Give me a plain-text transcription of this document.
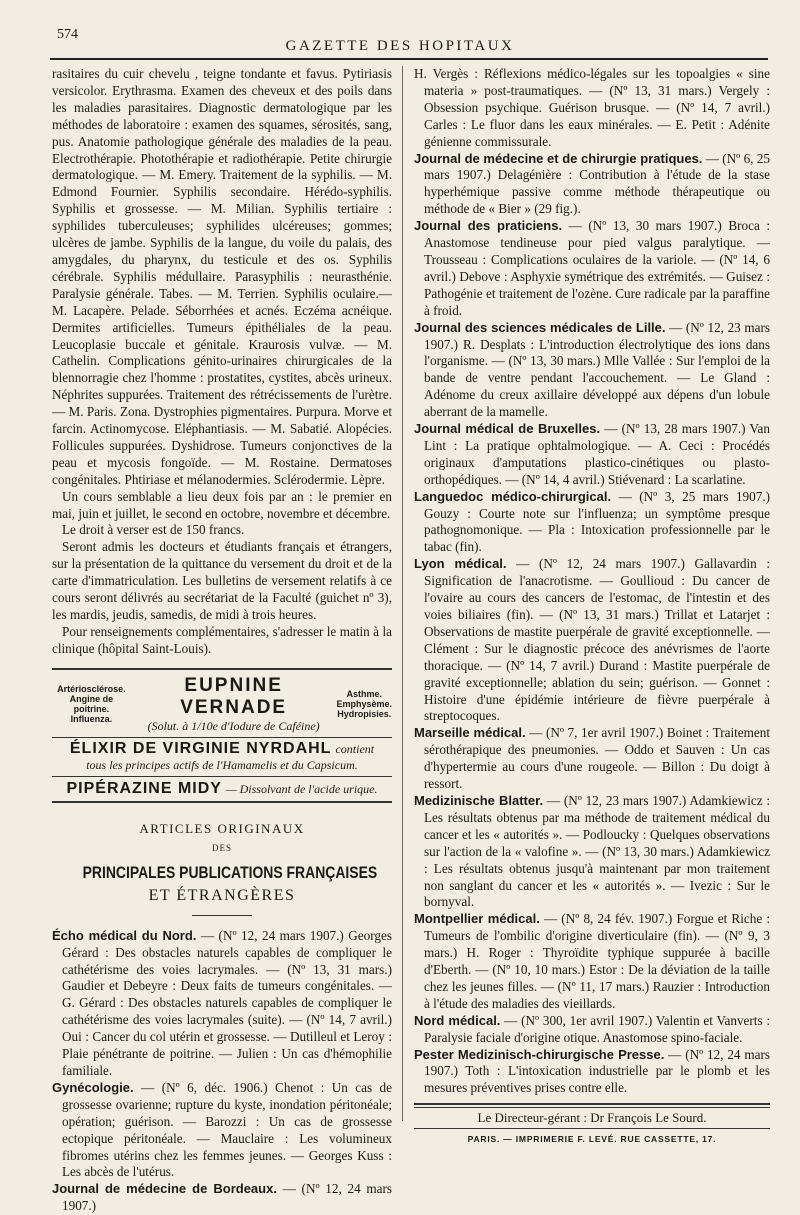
574
GAZETTE DES HOPITAUX

rasitaires du cuir chevelu , teigne tondante et favus. Pytiriasis versicolor. Erythrasma. Examen des cheveux et des poils dans les maladies parasitaires. Diagnostic dermatologique par les méthodes de laboratoire : examen des squames, sérosités, sang, pus. Anatomie pathologique générale des maladies de la peau. Electrothérapie. Photothérapie et radiothérapie. Petite chirurgie dermatologique. — M. Emery. Traitement de la syphilis. — M. Edmond Fournier. Syphilis secondaire. Hérédo-syphilis. Syphilis et grossesse. — M. Milian. Syphilis tertiaire : syphilides tuberculeuses; syphilides ulcéreuses; gommes; ulcères de jambe. Syphilis de la langue, du voile du palais, des amygdales, du pharynx, du testicule et des os. Syphilis cérébrale. Syphilis médullaire. Parasyphilis : neurasthénie. Paralysie générale. Tabes. — M. Terrien. Syphilis oculaire.— M. Lacapère. Pelade. Séborrhées et acnés. Eczéma acnéique. Dermites artificielles. Tumeurs épithéliales de la peau. Leucoplasie buccale et génitale. Kraurosis vulvæ. — M. Cathelin. Complications génito-urinaires chirurgicales de la blennorragie chez l'homme : prostatites, cystites, abcès urineux. Néphrites suppurées. Traitement des rétrécissements de l'urètre. — M. Paris. Zona. Dystrophies pigmentaires. Purpura. Morve et farcin. Actinomycose. Eléphantiasis. — M. Sabatié. Alopécies. Follicules suppurées. Dyshidrose. Tumeurs conjonctives de la peau et mycosis fongoïde. — M. Rostaine. Dermatoses congénitales. Phtiriase et mélanodermies. Sclérodermie. Lèpre.

Un cours semblable a lieu deux fois par an : le premier en mai, juin et juillet, le second en octobre, novembre et décembre.

Le droit à verser est de 150 francs.

Seront admis les docteurs et étudiants français et étrangers, sur la présentation de la quittance du versement du droit et de la carte d'immatriculation. Les bulletins de versement relatifs à ce cours seront délivrés au secrétariat de la Faculté (guichet nº 3), les mardis, jeudis, samedis, de midi à trois heures.

Pour renseignements complémentaires, s'adresser le matin à la clinique (hôpital Saint-Louis).

Artériosclérose.
Angine de poitrine.
Influenza.
EUPNINE VERNADE
(Solut. à 1/10e d'Iodure de Caféine)
Asthme.
Emphysème.
Hydropisies.
ÉLIXIR DE VIRGINIE NYRDAHL contient
tous les principes actifs de l'Hamamelis et du Capsicum.
PIPÉRAZINE MIDY — Dissolvant de l'acide urique.
ARTICLES ORIGINAUX
DES
PRINCIPALES PUBLICATIONS FRANÇAISES
ET ÉTRANGÈRES

Écho médical du Nord. — (Nº 12, 24 mars 1907.) Georges Gérard : Des obstacles naturels capables de compliquer le cathétérisme des voies lacrymales. — (Nº 13, 31 mars.) Gaudier et Debeyre : Deux faits de tumeurs congénitales. — G. Gérard : Des obstacles naturels capables de compliquer le cathétérisme des voies lacrymales (suite). — (Nº 14, 7 avril.) Oui : Cancer du col utérin et grossesse. — Dutilleul et Leroy : Plaie pénétrante de poitrine. — Julien : Un cas d'hémophilie familiale.

Gynécologie. — (Nº 6, déc. 1906.) Chenot : Un cas de grossesse ovarienne; rupture du kyste, inondation péritonéale; opération; guérison. — Barozzi : Un cas de grossesse ectopique péritonéale. — Mauclaire : Les volumineux fibromes utérins chez les femmes jeunes. — Georges Kuss : Les abcès de l'utérus.

Journal de médecine de Bordeaux. — (Nº 12, 24 mars 1907.)

H. Vergès : Réflexions médico-légales sur les topoalgies « sine materia » post-traumatiques. — (Nº 13, 31 mars.) Vergely : Obsession psychique. Guérison brusque. — (Nº 14, 7 avril.) Carles : Le fluor dans les eaux minérales. — E. Petit : Adénite génienne commissurale.

Journal de médecine et de chirurgie pratiques. — (Nº 6, 25 mars 1907.) Delagénière : Contribution à l'étude de la stase hyperhémique passive comme méthode thérapeutique ou méthode de « Bier » (29 fig.).

Journal des praticiens. — (Nº 13, 30 mars 1907.) Broca : Anastomose tendineuse pour pied valgus paralytique. — Trousseau : Complications oculaires de la variole. — (Nº 14, 6 avril.) Debove : Asphyxie symétrique des extrémités. — Guisez : Pathogénie et traitement de l'ozène. Cure radicale par la paraffine à froid.

Journal des sciences médicales de Lille. — (Nº 12, 23 mars 1907.) R. Desplats : L'introduction électrolytique des ions dans l'organisme. — (Nº 13, 30 mars.) Mlle Vallée : Sur l'emploi de la bande de ventre pendant l'accouchement. — Le Gland : Adénome du creux axillaire développé aux dépens d'un lobule aberrant de la mamelle.

Journal médical de Bruxelles. — (Nº 13, 28 mars 1907.) Van Lint : La pratique ophtalmologique. — A. Ceci : Procédés originaux d'amputations plastico-cinétiques ou plasto-orthopédiques. — (Nº 14, 4 avril.) Stiévenard : La scarlatine.

Languedoc médico-chirurgical. — (Nº 3, 25 mars 1907.) Gouzy : Courte note sur l'influenza; un symptôme presque pathognomonique. — Pla : Intoxication professionnelle par le tabac (fin).

Lyon médical. — (Nº 12, 24 mars 1907.) Gallavardin : Signification de l'anacrotisme. — Goullioud : Du cancer de l'ovaire au cours des cancers de l'estomac, de l'intestin et des voies biliaires (fin). — (Nº 13, 31 mars.) Trillat et Latarjet : Observations de mastite puerpérale de gravité exceptionnelle. — Clément : Sur le diagnostic précoce des anévrismes de l'aorte thoracique. — (Nº 14, 7 avril.) Durand : Mastite puerpérale de gravité exceptionnelle; ablation du sein; guérison. — Gonnet : Histoire d'une épidémie intérieure de fièvre puerpérale à streptocoques.

Marseille médical. — (Nº 7, 1er avril 1907.) Boinet : Traitement sérothérapique des pneumonies. — Oddo et Sauven : Un cas d'hypertermie au cours d'une rougeole. — Billon : Du doigt à ressort.

Medizinische Blatter. — (Nº 12, 23 mars 1907.) Adamkiewicz : Les résultats obtenus par ma méthode de traitement médical du cancer et les « autorités ». — Podloucky : Quelques observations sur l'action de la « valofine ». — (Nº 13, 30 mars.) Adamkiewicz : Les résultats obtenus jusqu'à maintenant par mon traitement non sanglant du cancer et les « autorités ». — Ivezic : Sur le bornyval.

Montpellier médical. — (Nº 8, 24 fév. 1907.) Forgue et Riche : Tumeurs de l'ombilic d'origine diverticulaire (fin). — (Nº 9, 3 mars.) H. Roger : Thyroïdite typhique suppurée à bacille d'Eberth. — (Nº 10, 10 mars.) Estor : De la déviation de la taille chez les jeunes filles. — (Nº 11, 17 mars.) Rauzier : Introduction à l'étude des maladies des vieillards.

Nord médical. — (Nº 300, 1er avril 1907.) Valentin et Vanverts : Paralysie faciale d'origine otique. Anastomose spino-faciale.

Pester Medizinisch-chirurgische Presse. — (Nº 12, 24 mars 1907.) Toth : L'intoxication industrielle par le plomb et les mesures préventives prises contre elle.

Le Directeur-gérant : Dr François Le Sourd.
PARIS. — IMPRIMERIE F. LEVÉ. RUE CASSETTE, 17.
